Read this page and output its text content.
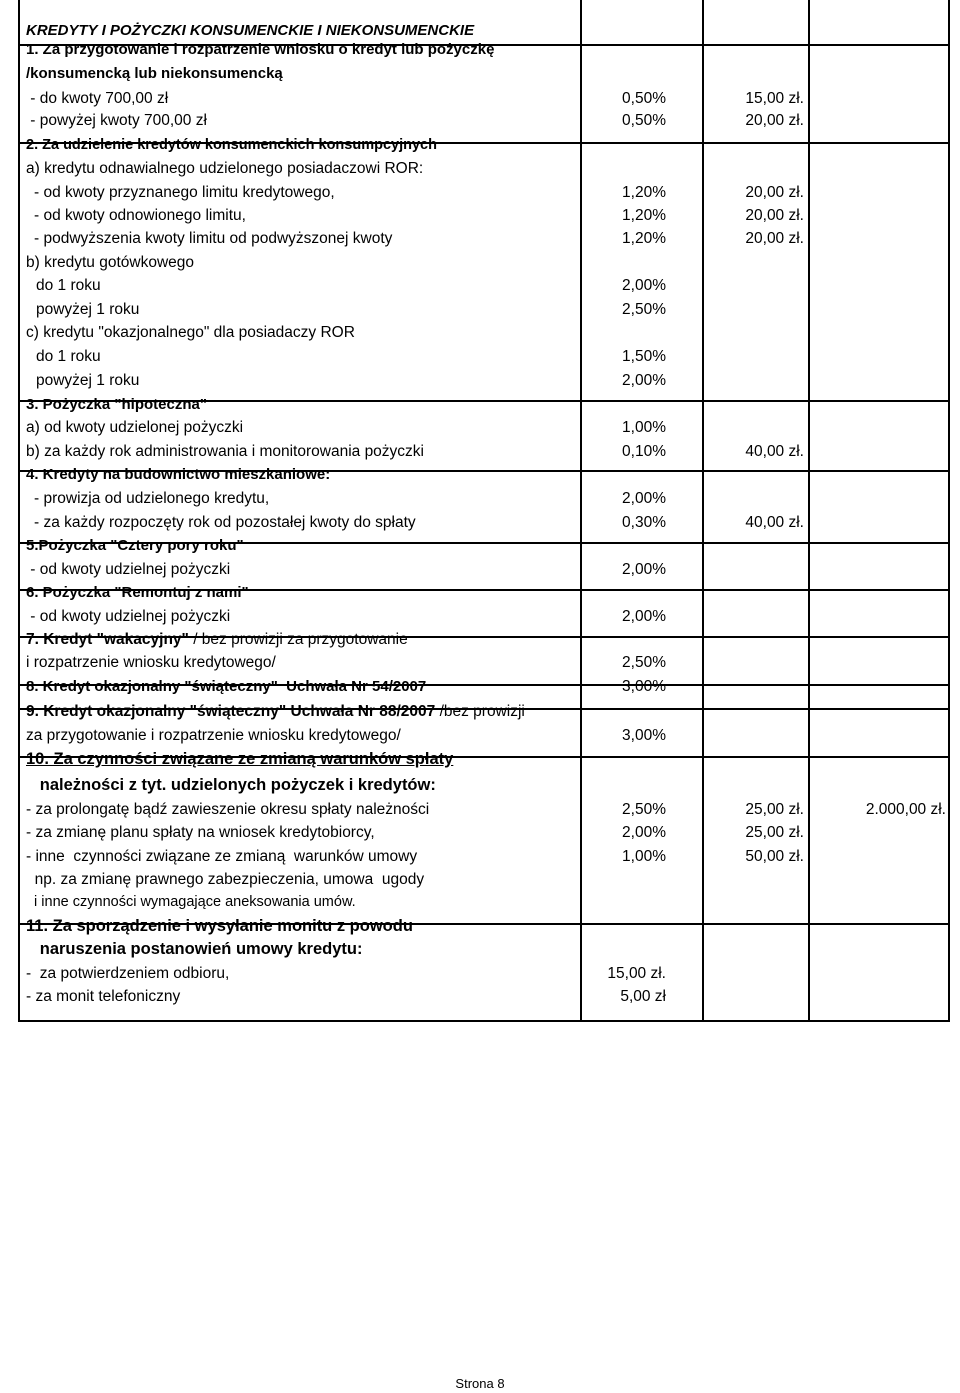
KREDYTY I POŻYCZKI KONSUMENCKIE I NIEKONSUMENCKIE
1. Za przygotowanie i rozpatrzenie wniosku o kredyt lub pożyczkę
/konsumencką lub niekonsumencką
- do kwoty 700,00 zł	0,50%	15,00 zł.
- powyżej kwoty 700,00 zł	0,50%	20,00 zł.
2. Za udzielenie kredytów konsumenckich konsumpcyjnych
a) kredytu odnawialnego udzielonego posiadaczowi ROR:
- od kwoty przyznanego limitu kredytowego,	1,20%	20,00 zł.
- od kwoty odnowionego limitu,	1,20%	20,00 zł.
- podwyższenia kwoty limitu od podwyższonej kwoty	1,20%	20,00 zł.
b) kredytu gotówkowego
do 1 roku	2,00%
powyżej 1 roku	2,50%
c) kredytu "okazjonalnego" dla posiadaczy ROR
do 1 roku	1,50%
powyżej 1 roku	2,00%
3. Pożyczka "hipoteczna"
a) od kwoty udzielonej pożyczki	1,00%
b) za każdy rok administrowania i monitorowania pożyczki	0,10%	40,00 zł.
4. Kredyty na budownictwo mieszkaniowe:
- prowizja od udzielonego kredytu,	2,00%
- za każdy rozpoczęty rok od pozostałej kwoty do spłaty	0,30%	40,00 zł.
5.Pożyczka "Cztery pory roku"
- od kwoty udzielnej pożyczki	2,00%
6. Pożyczka "Remontuj z nami"
- od kwoty udzielnej pożyczki	2,00%
7. Kredyt "wakacyjny" / bez prowizji za przygotowanie
i rozpatrzenie wniosku kredytowego/	2,50%
8. Kredyt okazjonalny "świąteczny"  Uchwała Nr 54/2007	3,00%
9. Kredyt okazjonalny "świąteczny" Uchwała Nr 88/2007 /bez prowizji
za przygotowanie i rozpatrzenie wniosku kredytowego/	3,00%
10. Za czynności związane ze zmianą warunków spłaty
należności z tyt. udzielonych pożyczek i kredytów:
- za prolongatę bądź zawieszenie okresu spłaty należności	2,50%	25,00 zł.	2.000,00 zł.
- za zmianę planu spłaty na wniosek kredytobiorcy,	2,00%	25,00 zł.
- inne  czynności związane ze zmianą  warunków umowy	1,00%	50,00 zł.
np. za zmianę prawnego zabezpieczenia, umowa  ugody
i inne czynności wymagające aneksowania umów.
11. Za sporządzenie i wysyłanie monitu z powodu
naruszenia postanowień umowy kredytu:
-  za potwierdzeniem odbioru,	15,00 zł.
- za monit telefoniczny	5,00 zł
Strona 8
